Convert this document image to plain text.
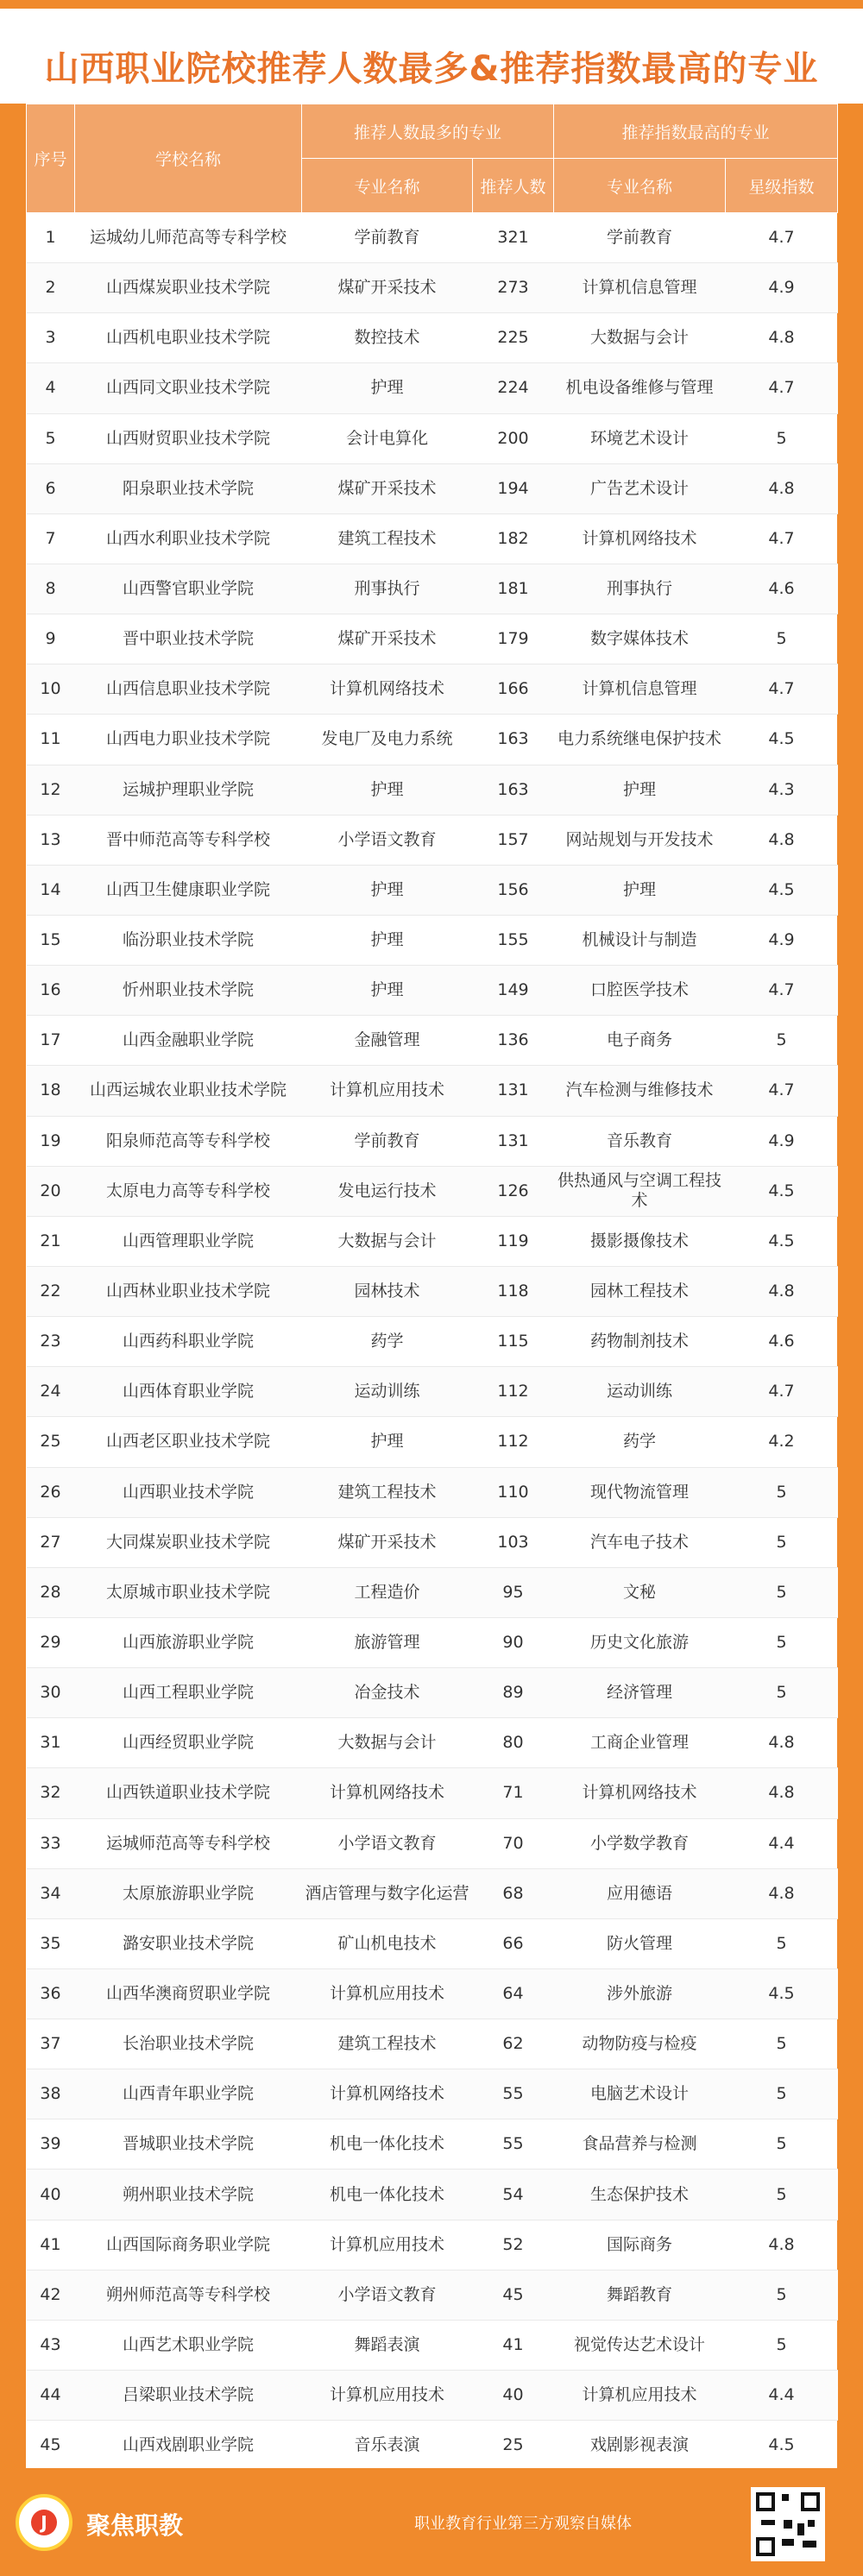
山西职业院校推荐人数最多&推荐指数最高的专业
序号	学校名称	推荐人数最多的专业		推荐指数最高的专业	
		专业名称	推荐人数	专业名称	星级指数
1	运城幼儿师范高等专科学校	学前教育	321	学前教育	4.7
2	山西煤炭职业技术学院	煤矿开采技术	273	计算机信息管理	4.9
3	山西机电职业技术学院	数控技术	225	大数据与会计	4.8
4	山西同文职业技术学院	护理	224	机电设备维修与管理	4.7
5	山西财贸职业技术学院	会计电算化	200	环境艺术设计	5
6	阳泉职业技术学院	煤矿开采技术	194	广告艺术设计	4.8
7	山西水利职业技术学院	建筑工程技术	182	计算机网络技术	4.7
8	山西警官职业学院	刑事执行	181	刑事执行	4.6
9	晋中职业技术学院	煤矿开采技术	179	数字媒体技术	5
10	山西信息职业技术学院	计算机网络技术	166	计算机信息管理	4.7
11	山西电力职业技术学院	发电厂及电力系统	163	电力系统继电保护技术	4.5
12	运城护理职业学院	护理	163	护理	4.3
13	晋中师范高等专科学校	小学语文教育	157	网站规划与开发技术	4.8
14	山西卫生健康职业学院	护理	156	护理	4.5
15	临汾职业技术学院	护理	155	机械设计与制造	4.9
16	忻州职业技术学院	护理	149	口腔医学技术	4.7
17	山西金融职业学院	金融管理	136	电子商务	5
18	山西运城农业职业技术学院	计算机应用技术	131	汽车检测与维修技术	4.7
19	阳泉师范高等专科学校	学前教育	131	音乐教育	4.9
20	太原电力高等专科学校	发电运行技术	126	供热通风与空调工程技术	4.5
21	山西管理职业学院	大数据与会计	119	摄影摄像技术	4.5
22	山西林业职业技术学院	园林技术	118	园林工程技术	4.8
23	山西药科职业学院	药学	115	药物制剂技术	4.6
24	山西体育职业学院	运动训练	112	运动训练	4.7
25	山西老区职业技术学院	护理	112	药学	4.2
26	山西职业技术学院	建筑工程技术	110	现代物流管理	5
27	大同煤炭职业技术学院	煤矿开采技术	103	汽车电子技术	5
28	太原城市职业技术学院	工程造价	95	文秘	5
29	山西旅游职业学院	旅游管理	90	历史文化旅游	5
30	山西工程职业学院	冶金技术	89	经济管理	5
31	山西经贸职业学院	大数据与会计	80	工商企业管理	4.8
32	山西铁道职业技术学院	计算机网络技术	71	计算机网络技术	4.8
33	运城师范高等专科学校	小学语文教育	70	小学数学教育	4.4
34	太原旅游职业学院	酒店管理与数字化运营	68	应用德语	4.8
35	潞安职业技术学院	矿山机电技术	66	防火管理	5
36	山西华澳商贸职业学院	计算机应用技术	64	涉外旅游	4.5
37	长治职业技术学院	建筑工程技术	62	动物防疫与检疫	5
38	山西青年职业学院	计算机网络技术	55	电脑艺术设计	5
39	晋城职业技术学院	机电一体化技术	55	食品营养与检测	5
40	朔州职业技术学院	机电一体化技术	54	生态保护技术	5
41	山西国际商务职业学院	计算机应用技术	52	国际商务	4.8
42	朔州师范高等专科学校	小学语文教育	45	舞蹈教育	5
43	山西艺术职业学院	舞蹈表演	41	视觉传达艺术设计	5
44	吕梁职业技术学院	计算机应用技术	40	计算机应用技术	4.4
45	山西戏剧职业学院	音乐表演	25	戏剧影视表演	4.5
J	聚焦职教	职业教育行业第三方观察自媒体
